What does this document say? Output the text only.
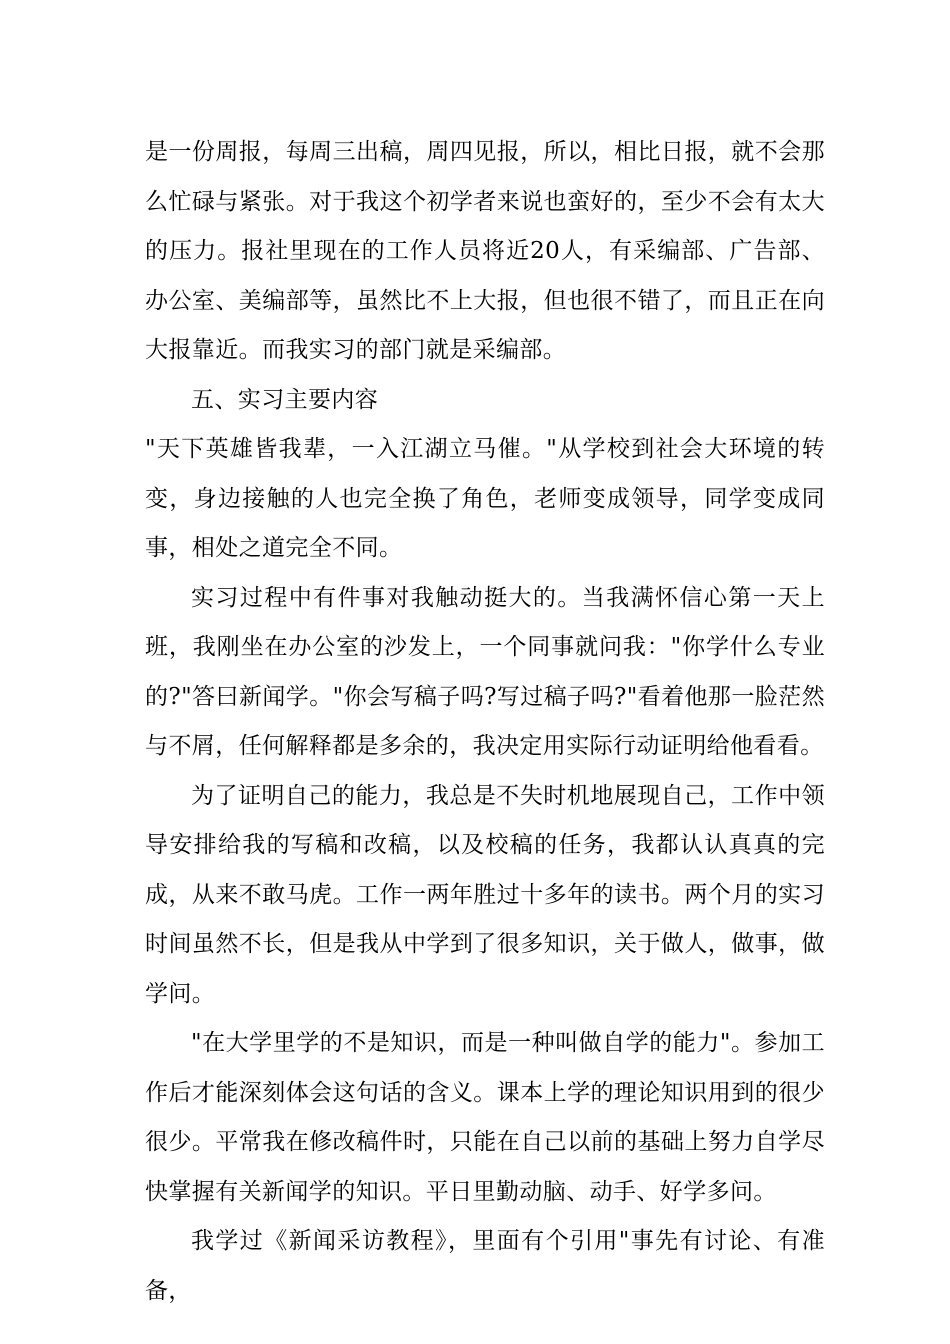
是一份周报，每周三出稿，周四见报，所以，相比日报，就不会那么忙碌与紧张。对于我这个初学者来说也蛮好的，至少不会有太大的压力。报社里现在的工作人员将近20人，有采编部、广告部、办公室、美编部等，虽然比不上大报，但也很不错了，而且正在向大报靠近。而我实习的部门就是采编部。

五、实习主要内容

"天下英雄皆我辈，一入江湖立马催。"从学校到社会大环境的转变，身边接触的人也完全换了角色，老师变成领导，同学变成同事，相处之道完全不同。

实习过程中有件事对我触动挺大的。当我满怀信心第一天上班，我刚坐在办公室的沙发上，一个同事就问我："你学什么专业的?"答曰新闻学。"你会写稿子吗?写过稿子吗?"看着他那一脸茫然与不屑，任何解释都是多余的，我决定用实际行动证明给他看看。

为了证明自己的能力，我总是不失时机地展现自己，工作中领导安排给我的写稿和改稿，以及校稿的任务，我都认认真真的完成，从来不敢马虎。工作一两年胜过十多年的读书。两个月的实习时间虽然不长，但是我从中学到了很多知识，关于做人，做事，做学问。

"在大学里学的不是知识，而是一种叫做自学的能力"。参加工作后才能深刻体会这句话的含义。课本上学的理论知识用到的很少很少。平常我在修改稿件时，只能在自己以前的基础上努力自学尽快掌握有关新闻学的知识。平日里勤动脑、动手、好学多问。

我学过《新闻采访教程》，里面有个引用"事先有讨论、有准备，
